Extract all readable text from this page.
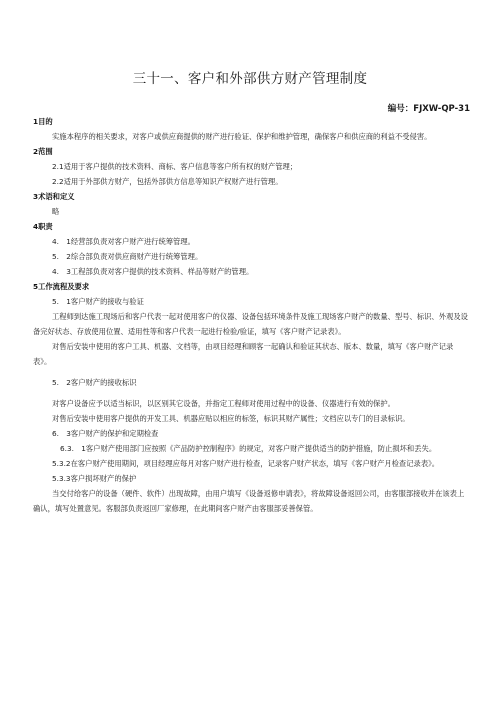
三十一、客户和外部供方财产管理制度
编号：FJXW-QP-31

1目的

实施本程序的相关要求，对客户或供应商提供的财产进行验证、保护和维护管理，确保客户和供应商的利益不受侵害。

2范围

2.1适用于客户提供的技术资料、商标、客户信息等客户所有权的财产管理；

2.2适用于外部供方财产，包括外部供方信息等知识产权财产进行管理。

3术语和定义

略

4职责

4.　1经营部负责对客户财产进行统筹管理。

5.　2综合部负责对供应商财产进行统筹管理。

4.　3工程部负责对客户提供的技术资料、样品等财产的管理。

5工作流程及要求

5.　1客户财产的接收与验证

工程师到达施工现场后和客户代表一起对使用客户的仪器、设备包括环境条件及施工现场客户财产的数量、型号、标识、外观及设备完好状态、存放使用位置、适用性等和客户代表一起进行检验/验证，填写《客户财产记录表》。

对售后安装中使用的客户工具、机器、文档等，由项目经理和顾客一起确认和验证其状态、版本、数量，填写《客户财产记录表》。

5.　2客户财产的接收标识

对客户设备应予以适当标识，以区别其它设备，并指定工程师对使用过程中的设备、仪器进行有效的保护。

对售后安装中使用客户提供的开发工具、机器应贴以相应的标签，标识其财产属性；文档应以专门的目录标识。

6.　3客户财产的保护和定期检查

6.3.　1客户财产使用部门应按照《产品防护控制程序》的规定，对客户财产提供适当的防护措施，防止损坏和丢失。

5.3.2在客户财产使用期间，项目经理应每月对客户财产进行检查，记录客户财产状态，填写《客户财产月检查记录表》。

5.3.3客户损坏财产的保护

当交付给客户的设备（硬件、软件）出现故障，由用户填写《设备返修申请表》，将故障设备返回公司，由客服部接收并在该表上确认，填写处置意见。客服部负责返回厂家修理，在此期间客户财产由客服部妥善保管。
